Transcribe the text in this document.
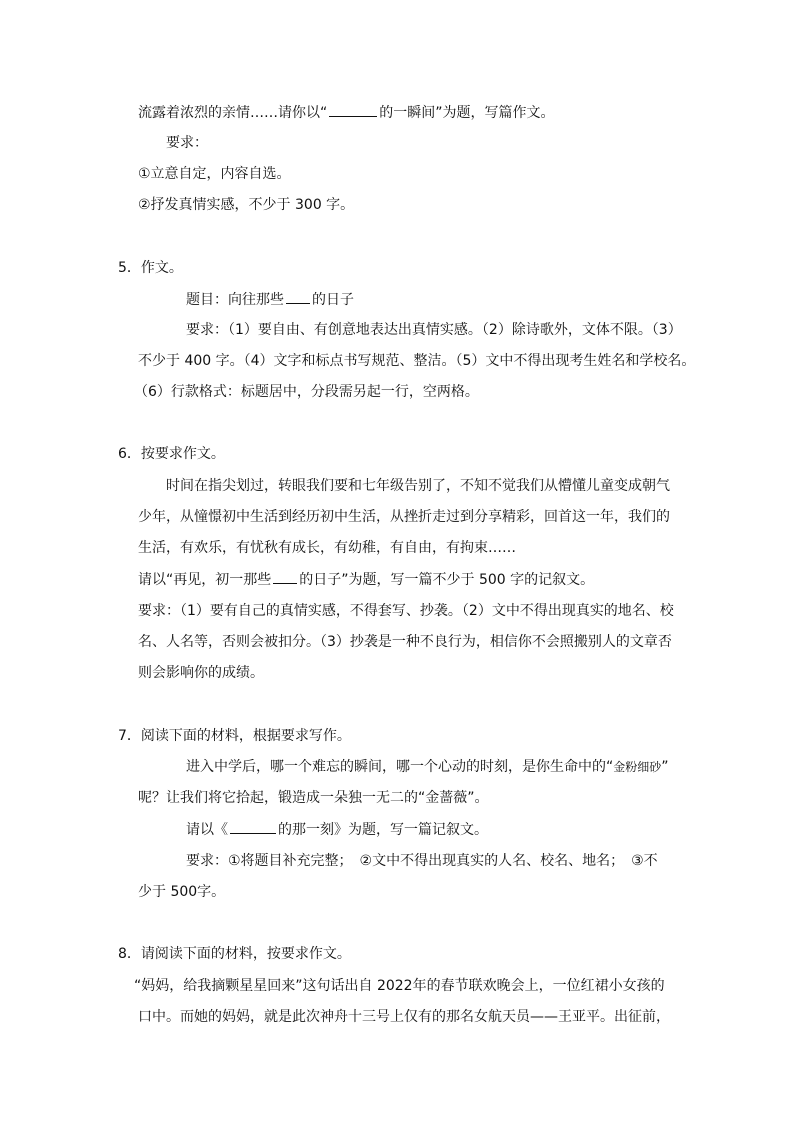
流露着浓烈的亲情……请你以“	的一瞬间”为题，写篇作文。
要求：
①立意自定，内容自选。
②抒发真情实感，不少于 300 字。
5．作文。
题目：向往那些 的日子
要求：（1）要自由、有创意地表达出真情实感。（2）除诗歌外，文体不限。（3）
不少于 400 字。（4）文字和标点书写规范、整洁。（5）文中不得出现考生姓名和学校名。
（6）行款格式：标题居中，分段需另起一行，空两格。
6．按要求作文。
时间在指尖划过，转眼我们要和七年级告别了，不知不觉我们从懵懂儿童变成朝气
少年，从憧憬初中生活到经历初中生活，从挫折走过到分享精彩，回首这一年，我们的
生活，有欢乐，有忧秋有成长，有幼稚，有自由，有拘束……
请以“再见，初一那些 的日子”为题，写一篇不少于 500 字的记叙文。
要求：（1）要有自己的真情实感，不得套写、抄袭。（2）文中不得出现真实的地名、校
名、人名等，否则会被扣分。（3）抄袭是一种不良行为，相信你不会照搬别人的文章否
则会影响你的成绩。
7．阅读下面的材料，根据要求写作。
进入中学后，哪一个难忘的瞬间，哪一个心动的时刻，是你生命中的“金粉细砂”
呢？让我们将它拾起，锻造成一朵独一无二的“金蔷薇”。
请以《	的那一刻》为题，写一篇记叙文。
要求：①将题目补充完整；　②文中不得出现真实的人名、校名、地名；　③不
少于 500字。
8．请阅读下面的材料，按要求作文。
“妈妈，给我摘颗星星回来”这句话出自 2022年的春节联欢晚会上，一位红裙小女孩的
口中。而她的妈妈，就是此次神舟十三号上仅有的那名女航天员——王亚平。出征前，
